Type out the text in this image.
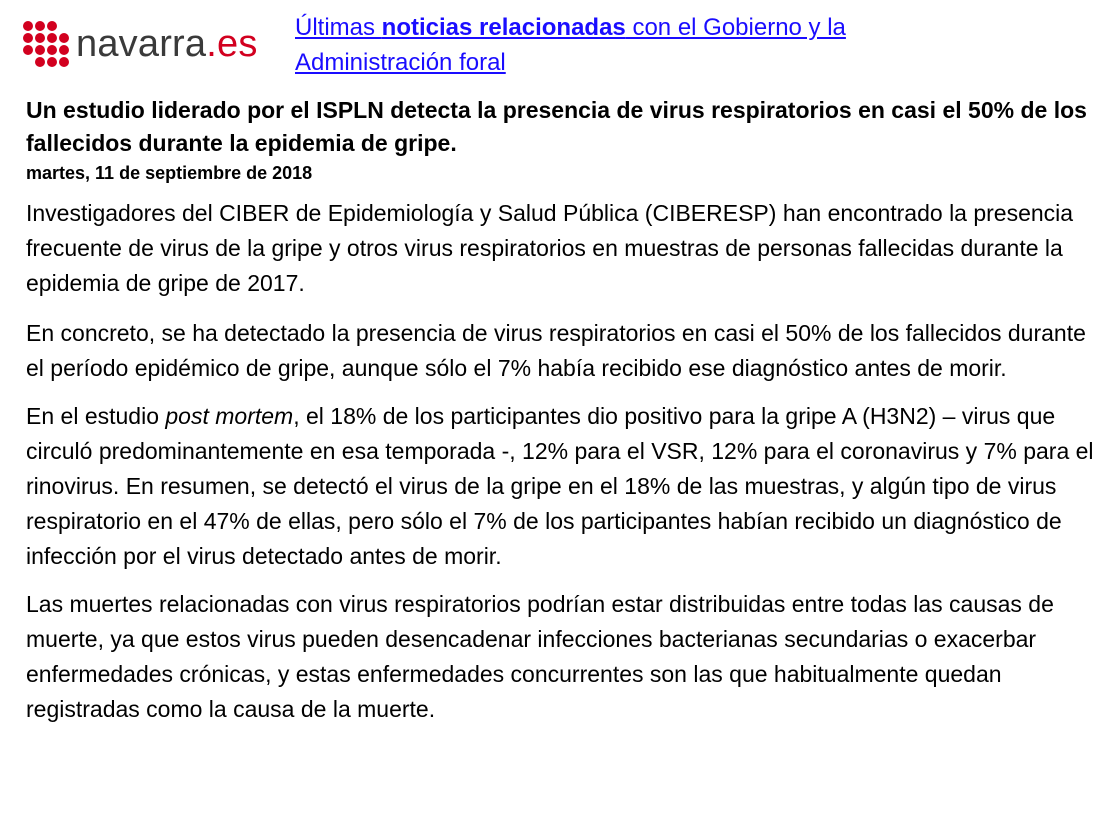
navarra.es Últimas noticias relacionadas con el Gobierno y la Administración foral
Un estudio liderado por el ISPLN detecta la presencia de virus respiratorios en casi el 50% de los fallecidos durante la epidemia de gripe.

martes, 11 de septiembre de 2018

Investigadores del CIBER de Epidemiología y Salud Pública (CIBERESP) han encontrado la presencia frecuente de virus de la gripe y otros virus respiratorios en muestras de personas fallecidas durante la epidemia de gripe de 2017.

En concreto, se ha detectado la presencia de virus respiratorios en casi el 50% de los fallecidos durante el período epidémico de gripe, aunque sólo el 7% había recibido ese diagnóstico antes de morir.

En el estudio post mortem, el 18% de los participantes dio positivo para la gripe A (H3N2) – virus que circuló predominantemente en esa temporada -, 12% para el VSR, 12% para el coronavirus y 7% para el rinovirus. En resumen, se detectó el virus de la gripe en el 18% de las muestras, y algún tipo de virus respiratorio en el 47% de ellas, pero sólo el 7% de los participantes habían recibido un diagnóstico de infección por el virus detectado antes de morir.

Las muertes relacionadas con virus respiratorios podrían estar distribuidas entre todas las causas de muerte, ya que estos virus pueden desencadenar infecciones bacterianas secundarias o exacerbar enfermedades crónicas, y estas enfermedades concurrentes son las que habitualmente quedan registradas como la causa de la muerte.
